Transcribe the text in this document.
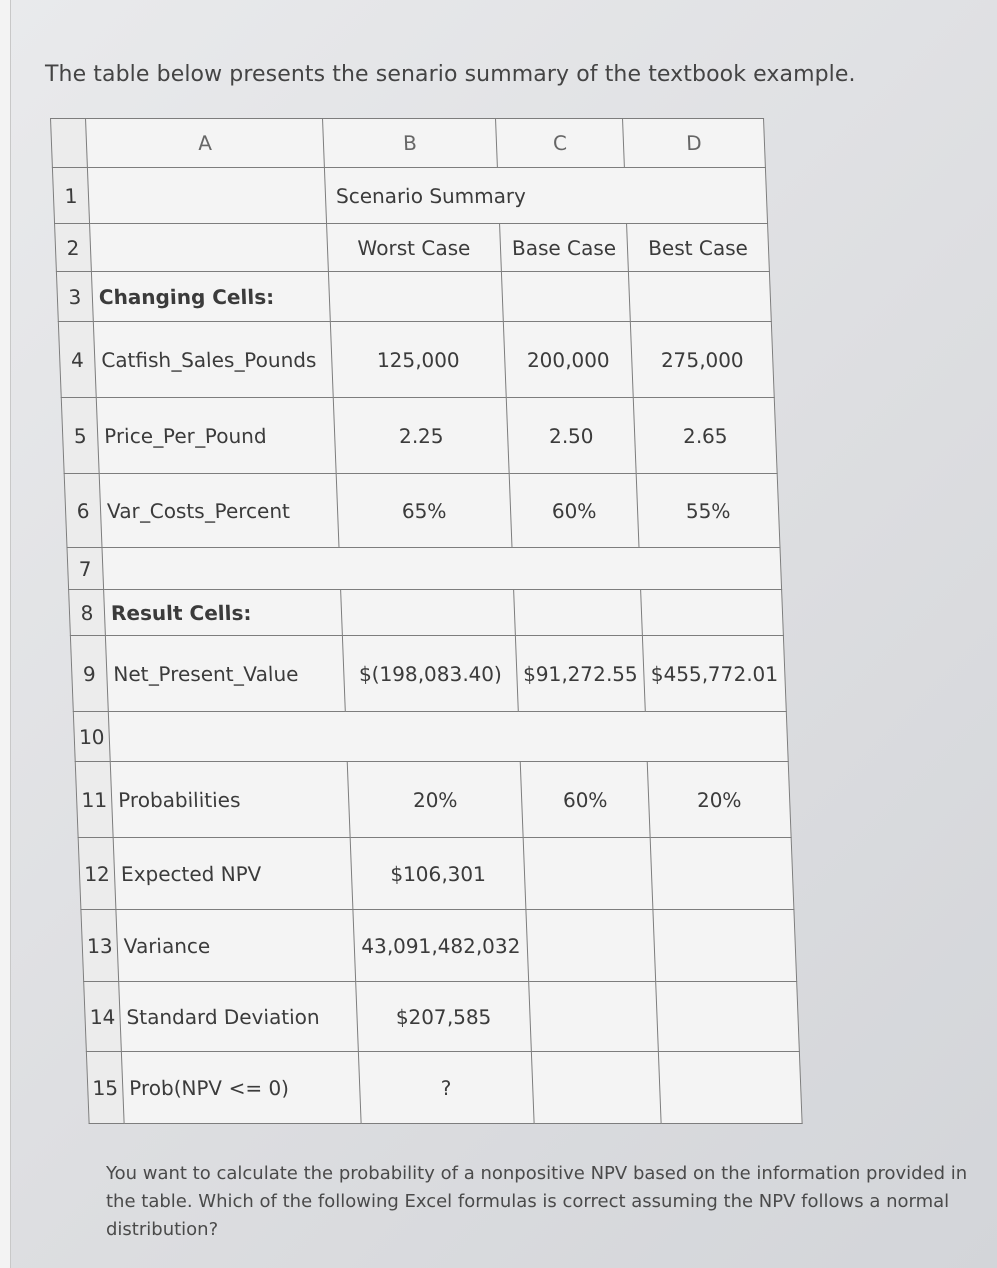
The table below presents the senario summary of the textbook example.
	A	B	C	D
1		Scenario Summary		
2		Worst Case	Base Case	Best Case
3	Changing Cells:			
4	Catfish_Sales_Pounds	125,000	200,000	275,000
5	Price_Per_Pound	2.25	2.50	2.65
6	Var_Costs_Percent	65%	60%	55%
7				
8	Result Cells:			
9	Net_Present_Value	$(198,083.40)	$91,272.55	$455,772.01
10				
11	Probabilities	20%	60%	20%
12	Expected NPV	$106,301		
13	Variance	43,091,482,032		
14	Standard Deviation	$207,585		
15	Prob(NPV <= 0)	?		
You want to calculate the probability of a nonpositive NPV based on the information provided in the table. Which of the following Excel formulas is correct assuming the NPV follows a normal distribution?
